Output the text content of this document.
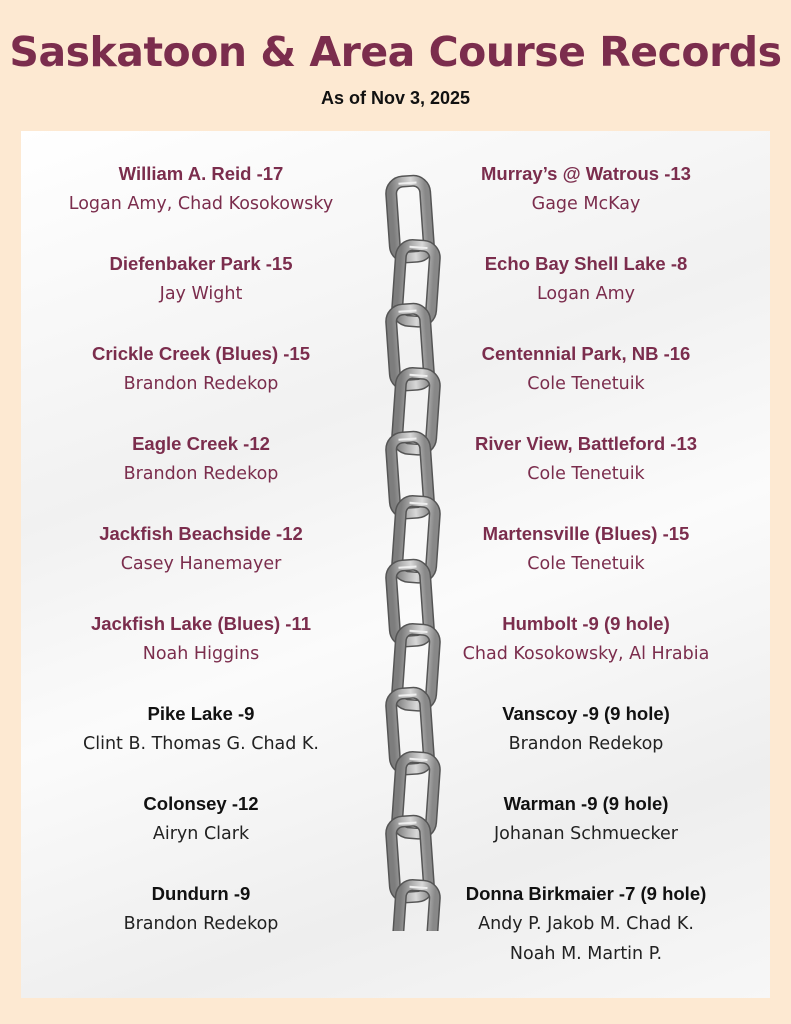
Saskatoon & Area Course Records
As of Nov 3, 2025
William A. Reid -17
Logan Amy, Chad Kosokowsky
Diefenbaker Park -15
Jay Wight
Crickle Creek (Blues) -15
Brandon Redekop
Eagle Creek -12
Brandon Redekop
Jackfish Beachside -12
Casey Hanemayer
Jackfish Lake (Blues) -11
Noah Higgins
Pike Lake -9
Clint B. Thomas G. Chad K.
Colonsey -12
Airyn Clark
Dundurn -9
Brandon Redekop
Murray’s @ Watrous -13
Gage McKay
Echo Bay Shell Lake -8
Logan Amy
Centennial Park, NB -16
Cole Tenetuik
River View, Battleford -13
Cole Tenetuik
Martensville (Blues) -15
Cole Tenetuik
Humbolt -9 (9 hole)
Chad Kosokowsky, Al Hrabia
Vanscoy -9 (9 hole)
Brandon Redekop
Warman -9 (9 hole)
Johanan Schmuecker
Donna Birkmaier -7 (9 hole)
Andy P. Jakob M. Chad K.
Noah M. Martin P.
